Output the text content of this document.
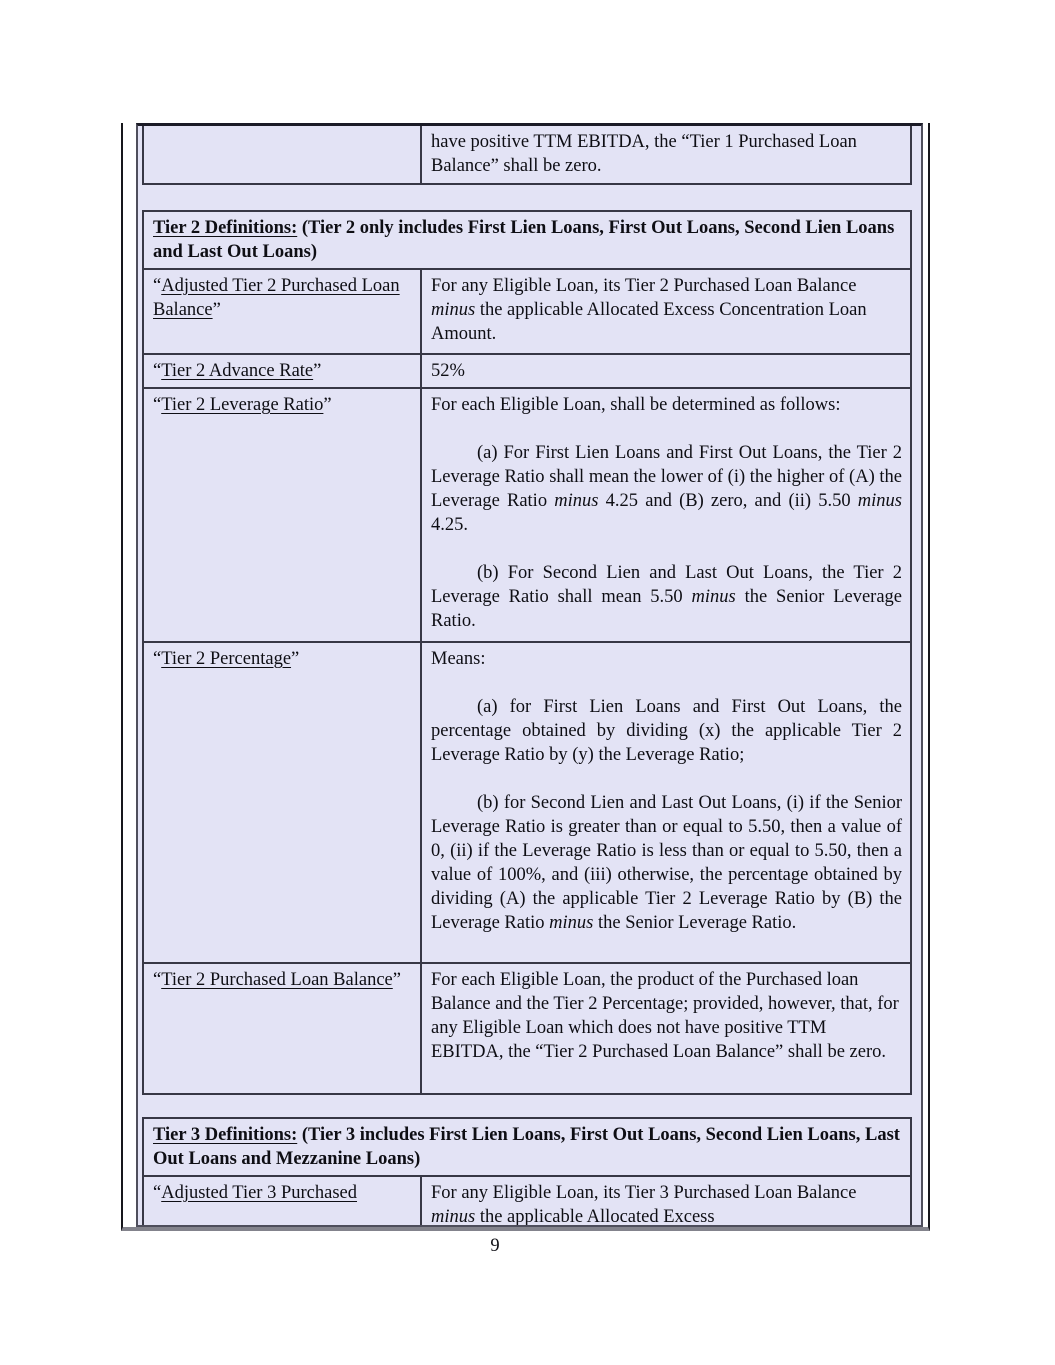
have positive TTM EBITDA, the “Tier 1 Purchased Loan Balance” shall be zero.

Tier 2 Definitions: (Tier 2 only includes First Lien Loans, First Out Loans, Second Lien Loans and Last Out Loans)	
“Adjusted Tier 2 Purchased Loan Balance”	For any Eligible Loan, its Tier 2 Purchased Loan Balance minus the applicable Allocated Excess Concentration Loan Amount.

“Tier 2 Advance Rate”	52%

“Tier 2 Leverage Ratio”	For each Eligible Loan, shall be determined as follows:

(a) For First Lien Loans and First Out Loans, the Tier 2 Leverage Ratio shall mean the lower of (i) the higher of (A) the Leverage Ratio minus 4.25 and (B) zero, and (ii) 5.50 minus 4.25.

(b) For Second Lien and Last Out Loans, the Tier 2 Leverage Ratio shall mean 5.50 minus the Senior Leverage Ratio.

“Tier 2 Percentage”	Means:

(a) for First Lien Loans and First Out Loans, the percentage obtained by dividing (x) the applicable Tier 2 Leverage Ratio by (y) the Leverage Ratio;

(b) for Second Lien and Last Out Loans, (i) if the Senior Leverage Ratio is greater than or equal to 5.50, then a value of 0, (ii) if the Leverage Ratio is less than or equal to 5.50, then a value of 100%, and (iii) otherwise, the percentage obtained by dividing (A) the applicable Tier 2 Leverage Ratio by (B) the Leverage Ratio minus the Senior Leverage Ratio.

“Tier 2 Purchased Loan Balance”	For each Eligible Loan, the product of the Purchased loan Balance and the Tier 2 Percentage; provided, however, that, for any Eligible Loan which does not have positive TTM EBITDA, the “Tier 2 Purchased Loan Balance” shall be zero.

Tier 3 Definitions: (Tier 3 includes First Lien Loans, First Out Loans, Second Lien Loans, Last Out Loans and Mezzanine Loans)
“Adjusted Tier 3 Purchased	For any Eligible Loan, its Tier 3 Purchased Loan Balance minus the applicable Allocated Excess

9
